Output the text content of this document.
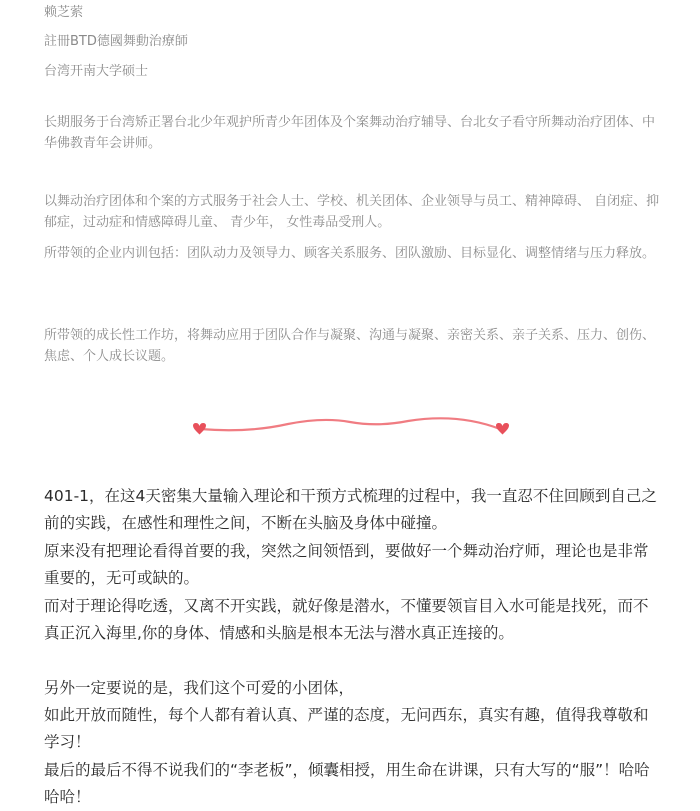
赖芝萦

註冊BTD德國舞動治療師

台湾开南大学硕士

长期服务于台湾矫正署台北少年观护所青少年团体及个案舞动治疗辅导、台北女子看守所舞动治疗团体、中华佛教青年会讲师。

以舞动治疗团体和个案的方式服务于社会人士、学校、机关团体、企业领导与员工、精神障碍、 自闭症、抑郁症，过动症和情感障碍儿童、 青少年， 女性毒品受刑人。

所带领的企业内训包括：团队动力及领导力、顾客关系服务、团队激励、目标显化、调整情绪与压力释放。

所带领的成长性工作坊，将舞动应用于团队合作与凝聚、沟通与凝聚、亲密关系、亲子关系、压力、创伤、焦虑、个人成长议题。

401-1，在这4天密集大量输入理论和干预方式梳理的过程中，我一直忍不住回顾到自己之前的实践，在感性和理性之间，不断在头脑及身体中碰撞。

原来没有把理论看得首要的我，突然之间领悟到，要做好一个舞动治疗师，理论也是非常重要的，无可或缺的。

而对于理论得吃透，又离不开实践，就好像是潜水，不懂要领盲目入水可能是找死，而不真正沉入海里,你的身体、情感和头脑是根本无法与潜水真正连接的。

另外一定要说的是，我们这个可爱的小团体，

如此开放而随性，每个人都有着认真、严谨的态度，无问西东，真实有趣，值得我尊敬和学习！

最后的最后不得不说我们的“李老板”，倾囊相授，用生命在讲课，只有大写的“服”！哈哈哈哈！
